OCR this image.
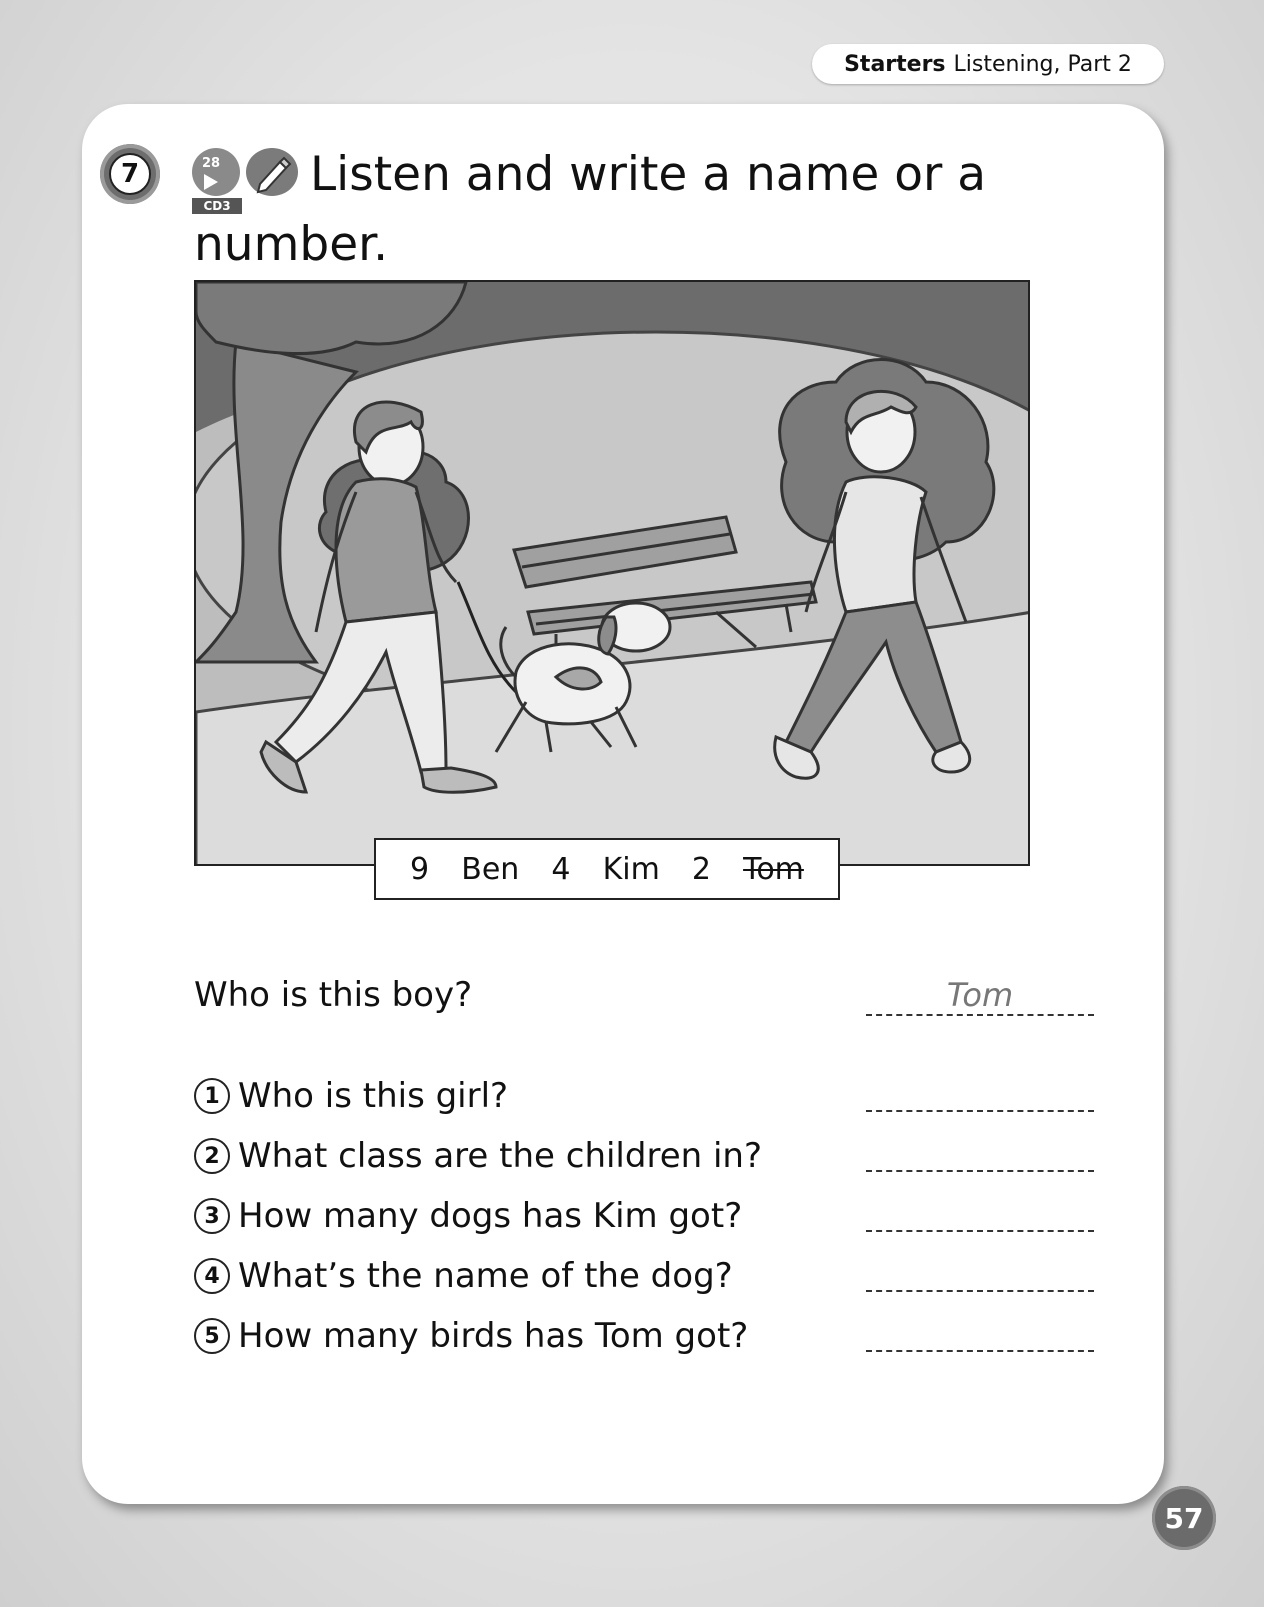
Starters Listening, Part 2
7	28
CD3
Listen and write a name or a number.
9 Ben 4 Kim 2 Tom
Who is this boy?	Tom
1 Who is this girl?
2 What class are the children in?
3 How many dogs has Kim got?
4 What’s the name of the dog?
5 How many birds has Tom got?
57
